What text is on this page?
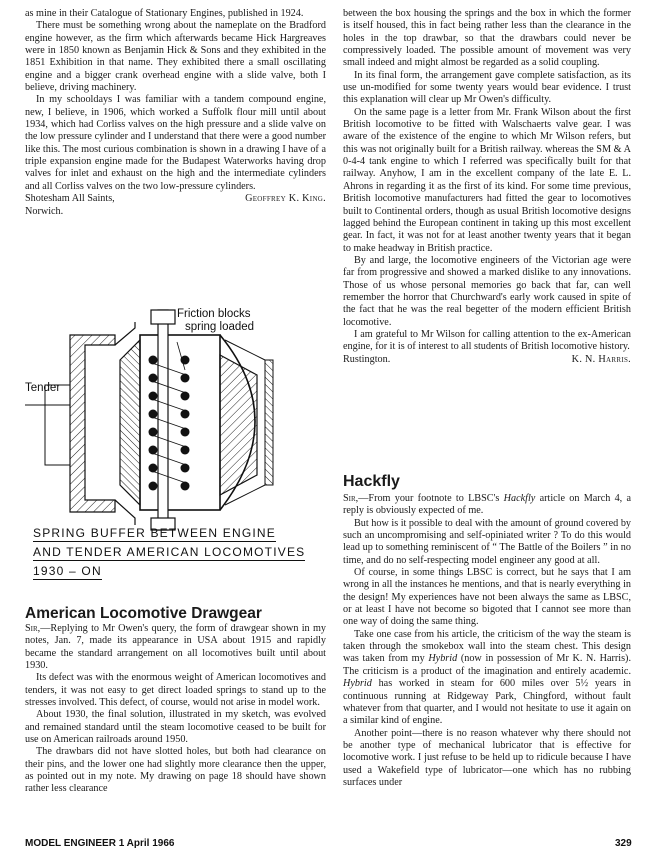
as mine in their Catalogue of Stationary Engines, published in 1924.

There must be something wrong about the nameplate on the Bradford engine however, as the firm which afterwards became Hick Hargreaves were in 1850 known as Benjamin Hick & Sons and they exhibited in the 1851 Exhibition in that name. They exhibited there a small oscillating engine and a bigger crank overhead engine with a slide valve, both I believe, driving machinery.

In my schooldays I was familiar with a tandem compound engine, new, I believe, in 1906, which worked a Suffolk flour mill until about 1934, which had Corliss valves on the high pressure and a slide valve on the low pressure cylinder and I understand that there were a good number like this. The most curious combination is shown in a drawing I have of a triple expansion engine made for the Budapest Waterworks having drop valves for inlet and exhaust on the high and the intermediate cylinders and all Corliss valves on the two low-pressure cylinders.

Shotesham All Saints,	Geoffrey K. King.

Norwich.

Friction blocks
spring loaded
Tender
SPRING BUFFER BETWEEN ENGINE
AND TENDER AMERICAN LOCOMOTIVES
1930 – ON
American Locomotive Drawgear

Sir,—Replying to Mr Owen's query, the form of drawgear shown in my notes, Jan. 7, made its appearance in USA about 1915 and rapidly became the standard arrangement on all locomotives built until about 1930.

Its defect was with the enormous weight of American locomotives and tenders, it was not easy to get direct loaded springs to stand up to the stresses involved. This defect, of course, would not arise in model work.

About 1930, the final solution, illustrated in my sketch, was evolved and remained standard until the steam locomotive ceased to be built for use on American railroads around 1950.

The drawbars did not have slotted holes, but both had clearance on their pins, and the lower one had slightly more clearance then the upper, as pointed out in my note. My drawing on page 18 should have shown rather less clearance

between the box housing the springs and the box in which the former is itself housed, this in fact being rather less than the clearance in the holes in the top drawbar, so that the drawbars could never be compressively loaded. The possible amount of movement was very small indeed and might almost be regarded as a solid coupling.

In its final form, the arrangement gave complete satisfaction, as its use un-modified for some twenty years would bear evidence. I trust this explanation will clear up Mr Owen's difficulty.

On the same page is a letter from Mr. Frank Wilson about the first British locomotive to be fitted with Walschaerts valve gear. I was aware of the existence of the engine to which Mr Wilson refers, but this was not originally built for a British railway. whereas the SM & A 0-4-4 tank engine to which I referred was specifically built for that railway. Anyhow, I am in the excellent company of the late E. L. Ahrons in regarding it as the first of its kind. For some time previous, British locomotive manufacturers had fitted the gear to locomotives built to Continental orders, though as usual British locomotive designs lagged behind the European continent in taking up this most excellent gear. In fact, it was not for at least another twenty years that it began to make headway in British practice.

By and large, the locomotive engineers of the Victorian age were far from progressive and showed a marked dislike to any innovations. Those of us whose personal memories go back that far, can well remember the horror that Churchward's early work caused in spite of the fact that he was the real begetter of the modern efficient British locomotive.

I am grateful to Mr Wilson for calling attention to the ex-American engine, for it is of interest to all students of British locomotive history.

Rustington.	K. N. Harris.

Hackfly

Sir,—From your footnote to LBSC's Hackfly article on March 4, a reply is obviously expected of me.

But how is it possible to deal with the amount of ground covered by such an uncompromising and self-opiniated writer ? To do this would lead up to something reminiscent of “ The Battle of the Boilers ” in no time, and do no self-respecting model engineer any good at all.

Of course, in some things LBSC is correct, but he says that I am wrong in all the instances he mentions, and that is nearly everything in the design! My experiences have not been always the same as LBSC, or at least I have not become so bigoted that I cannot see more than one way of doing the same thing.

Take one case from his article, the criticism of the way the steam is taken through the smokebox wall into the steam chest. This design was taken from my Hybrid (now in possession of Mr K. N. Harris). The criticism is a product of the imagination and entirely academic. Hybrid has worked in steam for 600 miles over 5½ years in continuous running at Ridgeway Park, Chingford, without fault whatever from that quarter, and I would not hesitate to use it again on a similar kind of engine.

Another point—there is no reason whatever why there should not be another type of mechanical lubricator that is effective for locomotive work. I just refuse to be held up to ridicule because I have used a Wakefield type of lubricator—one which has no rubbing surfaces under

MODEL ENGINEER 1 April 1966	329
